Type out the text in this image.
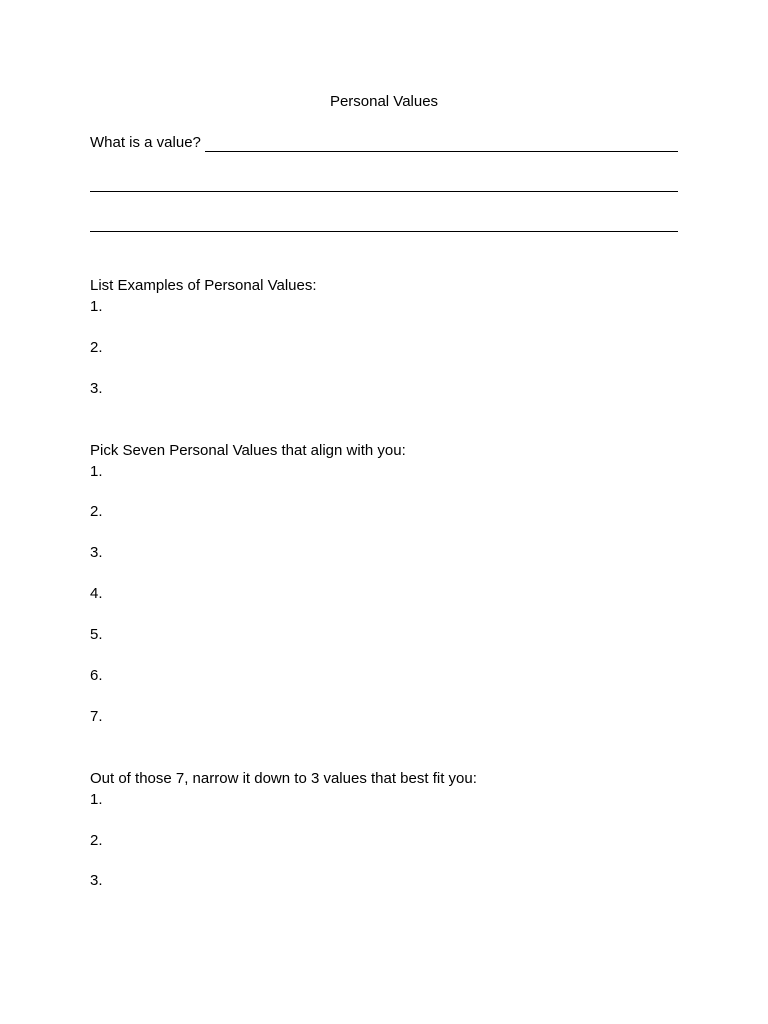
Personal Values
What is a value?
List Examples of Personal Values:
1.
2.
3.
Pick Seven Personal Values that align with you:
1.
2.
3.
4.
5.
6.
7.
Out of those 7, narrow it down to 3 values that best fit you:
1.
2.
3.
